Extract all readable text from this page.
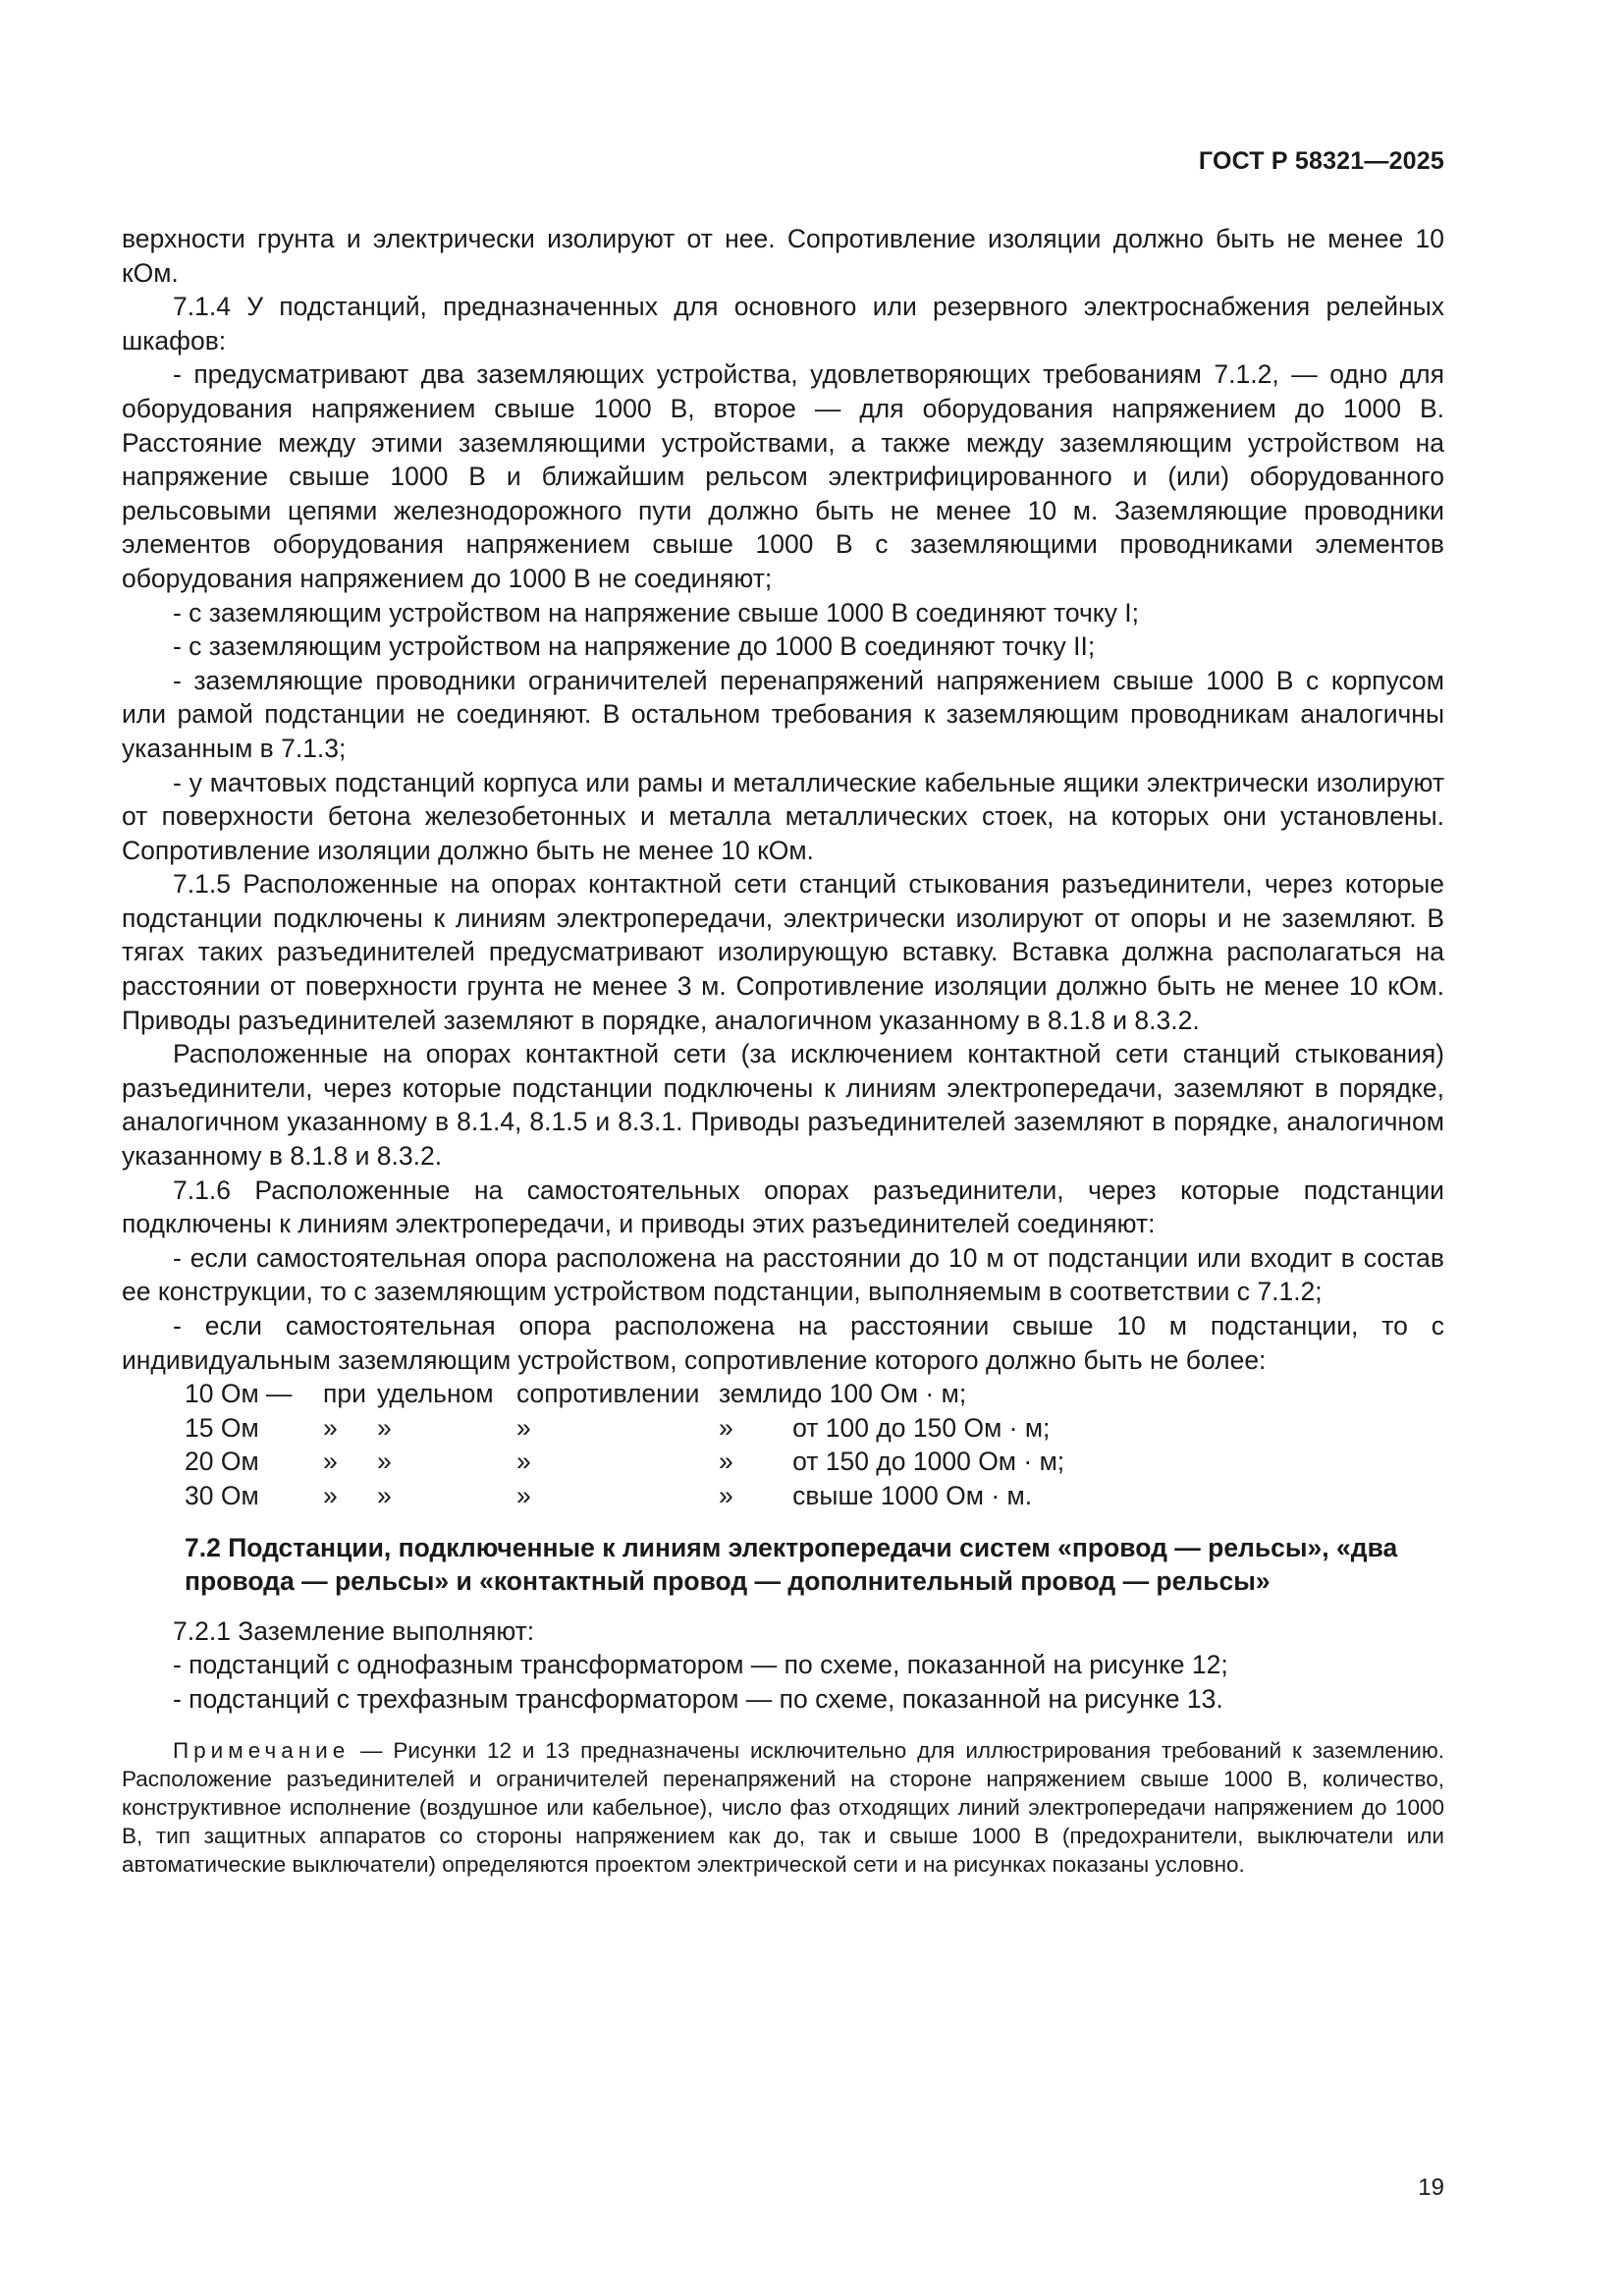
ГОСТ Р 58321—2025

верхности грунта и электрически изолируют от нее. Сопротивление изоляции должно быть не менее 10 кОм.

7.1.4 У подстанций, предназначенных для основного или резервного электроснабжения релейных шкафов:

- предусматривают два заземляющих устройства, удовлетворяющих требованиям 7.1.2, — одно для оборудования напряжением свыше 1000 В, второе — для оборудования напряжением до 1000 В. Расстояние между этими заземляющими устройствами, а также между заземляющим устройством на напряжение свыше 1000 В и ближайшим рельсом электрифицированного и (или) оборудованного рельсовыми цепями железнодорожного пути должно быть не менее 10 м. Заземляющие проводники элементов оборудования напряжением свыше 1000 В с заземляющими проводниками элементов оборудования напряжением до 1000 В не соединяют;

- с заземляющим устройством на напряжение свыше 1000 В соединяют точку I;

- с заземляющим устройством на напряжение до 1000 В соединяют точку II;

- заземляющие проводники ограничителей перенапряжений напряжением свыше 1000 В с корпусом или рамой подстанции не соединяют. В остальном требования к заземляющим проводникам аналогичны указанным в 7.1.3;

- у мачтовых подстанций корпуса или рамы и металлические кабельные ящики электрически изолируют от поверхности бетона железобетонных и металла металлических стоек, на которых они установлены. Сопротивление изоляции должно быть не менее 10 кОм.

7.1.5 Расположенные на опорах контактной сети станций стыкования разъединители, через которые подстанции подключены к линиям электропередачи, электрически изолируют от опоры и не заземляют. В тягах таких разъединителей предусматривают изолирующую вставку. Вставка должна располагаться на расстоянии от поверхности грунта не менее 3 м. Сопротивление изоляции должно быть не менее 10 кОм. Приводы разъединителей заземляют в порядке, аналогичном указанному в 8.1.8 и 8.3.2.

Расположенные на опорах контактной сети (за исключением контактной сети станций стыкования) разъединители, через которые подстанции подключены к линиям электропередачи, заземляют в порядке, аналогичном указанному в 8.1.4, 8.1.5 и 8.3.1. Приводы разъединителей заземляют в порядке, аналогичном указанному в 8.1.8 и 8.3.2.

7.1.6 Расположенные на самостоятельных опорах разъединители, через которые подстанции подключены к линиям электропередачи, и приводы этих разъединителей соединяют:

- если самостоятельная опора расположена на расстоянии до 10 м от подстанции или входит в состав ее конструкции, то с заземляющим устройством подстанции, выполняемым в соответствии с 7.1.2;

- если самостоятельная опора расположена на расстоянии свыше 10 м подстанции, то с индивидуальным заземляющим устройством, сопротивление которого должно быть не более:

10 Ом —	при	удельном	сопротивлении	земли	до 100 Ом · м;
15 Ом	»	»	»	»	от 100 до 150 Ом · м;
20 Ом	»	»	»	»	от 150 до 1000 Ом · м;
30 Ом	»	»	»	»	свыше 1000 Ом · м.

7.2 Подстанции, подключенные к линиям электропередачи систем «провод — рельсы», «два провода — рельсы» и «контактный провод — дополнительный провод — рельсы»

7.2.1 Заземление выполняют:

- подстанций с однофазным трансформатором — по схеме, показанной на рисунке 12;

- подстанций с трехфазным трансформатором — по схеме, показанной на рисунке 13.

Примечание — Рисунки 12 и 13 предназначены исключительно для иллюстрирования требований к заземлению. Расположение разъединителей и ограничителей перенапряжений на стороне напряжением свыше 1000 В, количество, конструктивное исполнение (воздушное или кабельное), число фаз отходящих линий электропередачи напряжением до 1000 В, тип защитных аппаратов со стороны напряжением как до, так и свыше 1000 В (предохранители, выключатели или автоматические выключатели) определяются проектом электрической сети и на рисунках показаны условно.

19
